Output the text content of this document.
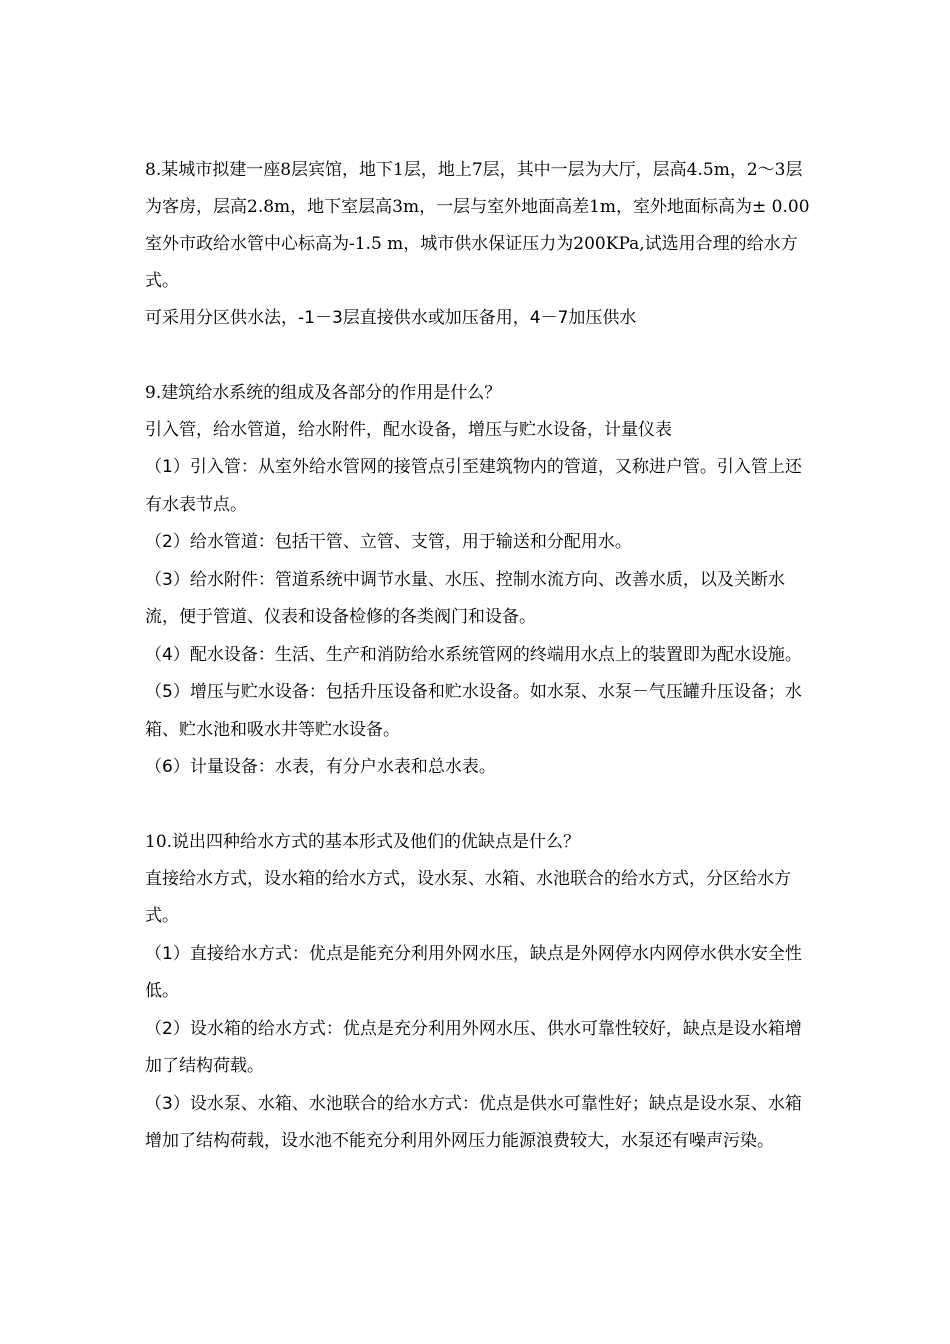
8.某城市拟建一座8层宾馆，地下1层，地上7层，其中一层为大厅，层高4.5m，2～3层为客房，层高2.8m，地下室层高3m，一层与室外地面高差1m，室外地面标高为± 0.00 室外市政给水管中心标高为-1.5 m，城市供水保证压力为200KPa,试选用合理的给水方式。

可采用分区供水法，-1－3层直接供水或加压备用，4－7加压供水

9.建筑给水系统的组成及各部分的作用是什么？

引入管，给水管道，给水附件，配水设备，增压与贮水设备，计量仪表

（1）引入管：从室外给水管网的接管点引至建筑物内的管道，又称进户管。引入管上还有水表节点。

（2）给水管道：包括干管、立管、支管，用于输送和分配用水。

（3）给水附件：管道系统中调节水量、水压、控制水流方向、改善水质，以及关断水流，便于管道、仪表和设备检修的各类阀门和设备。

（4）配水设备：生活、生产和消防给水系统管网的终端用水点上的装置即为配水设施。

（5）增压与贮水设备：包括升压设备和贮水设备。如水泵、水泵－气压罐升压设备；水箱、贮水池和吸水井等贮水设备。

（6）计量设备：水表，有分户水表和总水表。

10.说出四种给水方式的基本形式及他们的优缺点是什么？

直接给水方式，设水箱的给水方式，设水泵、水箱、水池联合的给水方式，分区给水方式。

（1）直接给水方式：优点是能充分利用外网水压，缺点是外网停水内网停水供水安全性低。

（2）设水箱的给水方式：优点是充分利用外网水压、供水可靠性较好，缺点是设水箱增加了结构荷载。

（3）设水泵、水箱、水池联合的给水方式：优点是供水可靠性好；缺点是设水泵、水箱增加了结构荷载，设水池不能充分利用外网压力能源浪费较大，水泵还有噪声污染。
